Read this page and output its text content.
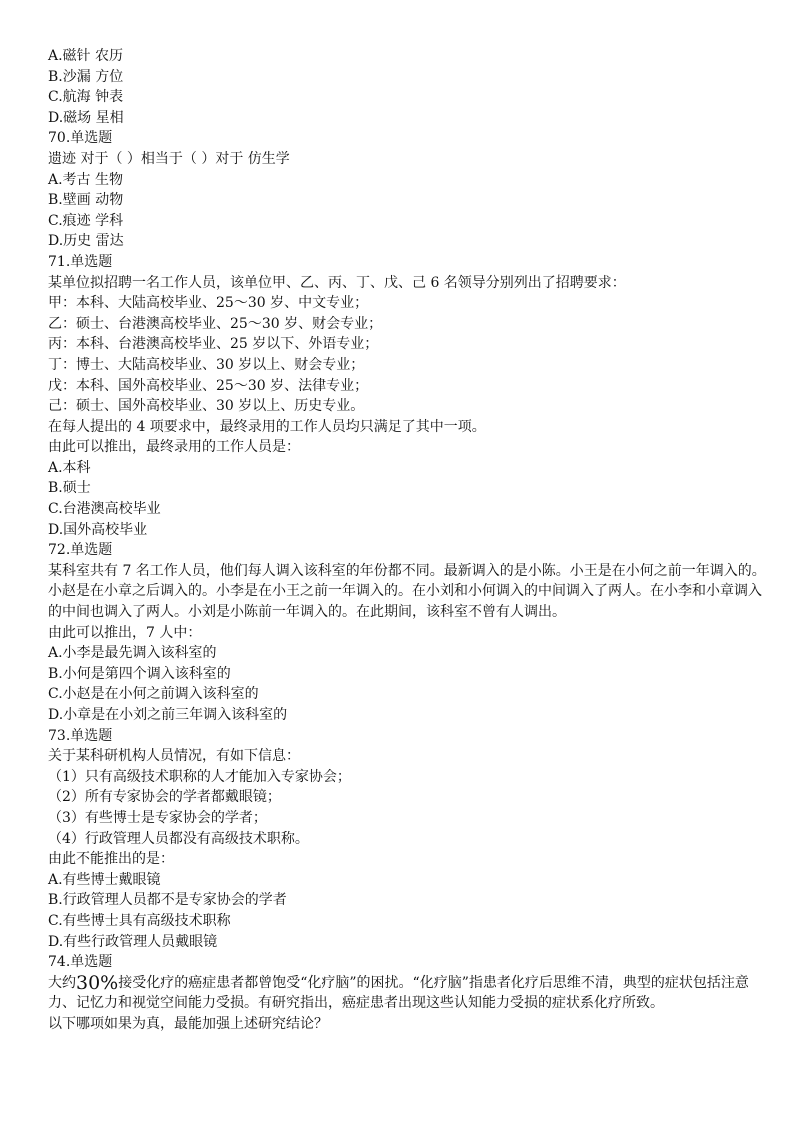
A.磁针 农历
B.沙漏 方位
C.航海 钟表
D.磁场 星相
70.单选题
遗迹 对于（ ）相当于（ ）对于 仿生学
A.考古 生物
B.壁画 动物
C.痕迹 学科
D.历史 雷达
71.单选题
某单位拟招聘一名工作人员，该单位甲、乙、丙、丁、戊、己 6 名领导分别列出了招聘要求：
甲：本科、大陆高校毕业、25～30 岁、中文专业；
乙：硕士、台港澳高校毕业、25～30 岁、财会专业；
丙：本科、台港澳高校毕业、25 岁以下、外语专业；
丁：博士、大陆高校毕业、30 岁以上、财会专业；
戊：本科、国外高校毕业、25～30 岁、法律专业；
己：硕士、国外高校毕业、30 岁以上、历史专业。
在每人提出的 4 项要求中，最终录用的工作人员均只满足了其中一项。
由此可以推出，最终录用的工作人员是：
A.本科
B.硕士
C.台港澳高校毕业
D.国外高校毕业
72.单选题
某科室共有 7 名工作人员，他们每人调入该科室的年份都不同。最新调入的是小陈。小王是在小何之前一年调入的。小赵是在小章之后调入的。小李是在小王之前一年调入的。在小刘和小何调入的中间调入了两人。在小李和小章调入的中间也调入了两人。小刘是小陈前一年调入的。在此期间，该科室不曾有人调出。
由此可以推出，7 人中：
A.小李是最先调入该科室的
B.小何是第四个调入该科室的
C.小赵是在小何之前调入该科室的
D.小章是在小刘之前三年调入该科室的
73.单选题
关于某科研机构人员情况，有如下信息：
（1）只有高级技术职称的人才能加入专家协会；
（2）所有专家协会的学者都戴眼镜；
（3）有些博士是专家协会的学者；
（4）行政管理人员都没有高级技术职称。
由此不能推出的是：
A.有些博士戴眼镜
B.行政管理人员都不是专家协会的学者
C.有些博士具有高级技术职称
D.有些行政管理人员戴眼镜
74.单选题
大约30%接受化疗的癌症患者都曾饱受“化疗脑”的困扰。“化疗脑”指患者化疗后思维不清，典型的症状包括注意力、记忆力和视觉空间能力受损。有研究指出，癌症患者出现这些认知能力受损的症状系化疗所致。
以下哪项如果为真，最能加强上述研究结论？
